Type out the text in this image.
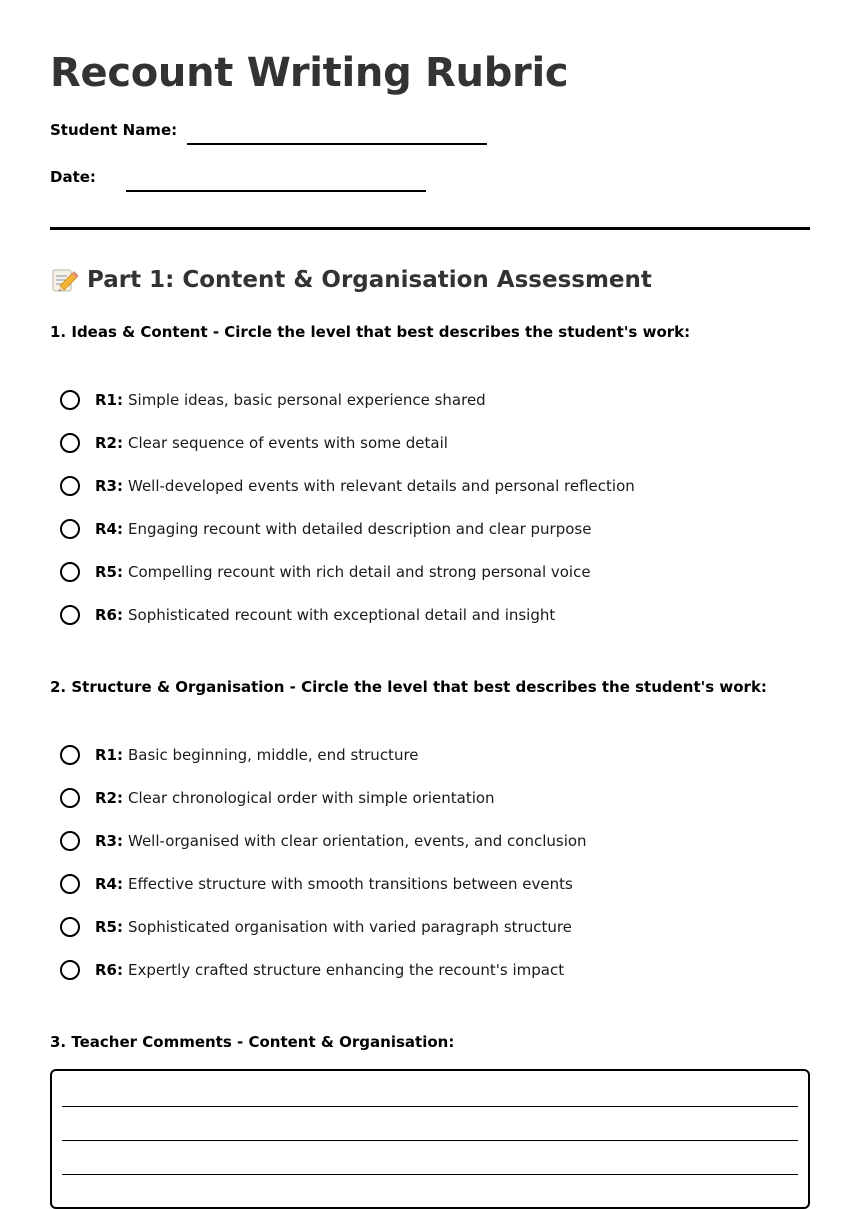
Recount Writing Rubric
Student Name:
Date:
Part 1: Content & Organisation Assessment
1. Ideas & Content - Circle the level that best describes the student's work:
R1: Simple ideas, basic personal experience shared
R2: Clear sequence of events with some detail
R3: Well-developed events with relevant details and personal reflection
R4: Engaging recount with detailed description and clear purpose
R5: Compelling recount with rich detail and strong personal voice
R6: Sophisticated recount with exceptional detail and insight
2. Structure & Organisation - Circle the level that best describes the student's work:
R1: Basic beginning, middle, end structure
R2: Clear chronological order with simple orientation
R3: Well-organised with clear orientation, events, and conclusion
R4: Effective structure with smooth transitions between events
R5: Sophisticated organisation with varied paragraph structure
R6: Expertly crafted structure enhancing the recount's impact
3. Teacher Comments - Content & Organisation:
